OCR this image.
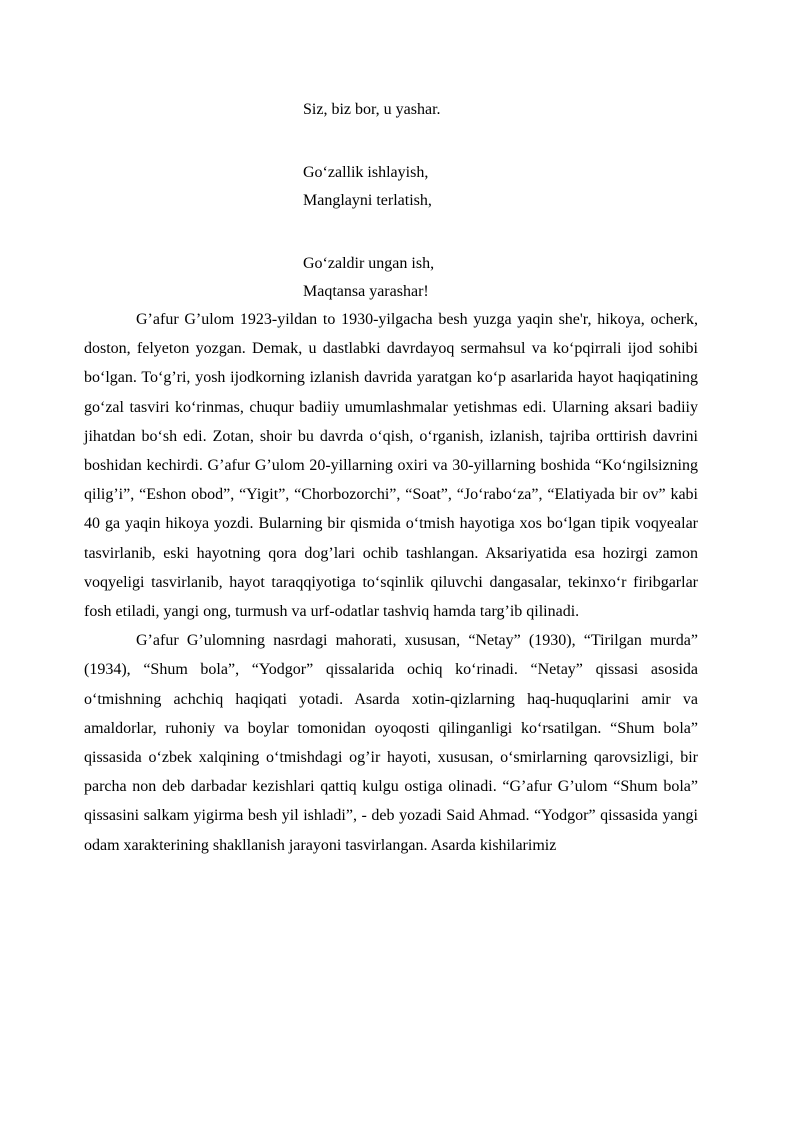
Siz, biz bor, u yashar.
Go‘zallik ishlayish,
Manglayni terlatish,
Go‘zaldir ungan ish,
Maqtansa yarashar!

G’afur G’ulom 1923-yildan to 1930-yilgacha besh yuzga yaqin she'r, hikoya, ocherk, doston, felyeton yozgan. Demak, u dastlabki davrdayoq sermahsul va ko‘pqirrali ijod sohibi bo‘lgan. To‘g’ri, yosh ijodkorning izlanish davrida yaratgan ko‘p asarlarida hayot haqiqatining go‘zal tasviri ko‘rinmas, chuqur badiiy umumlashmalar yetishmas edi. Ularning aksari badiiy jihatdan bo‘sh edi. Zotan, shoir bu davrda o‘qish, o‘rganish, izlanish, tajriba orttirish davrini boshidan kechirdi. G’afur G’ulom 20-yillarning oxiri va 30-yillarning boshida “Ko‘ngilsizning qilig’i”, “Eshon obod”, “Yigit”, “Chorbozorchi”, “Soat”, “Jo‘rabo‘za”, “Elatiyada bir ov” kabi 40 ga yaqin hikoya yozdi. Bularning bir qismida o‘tmish hayotiga xos bo‘lgan tipik voqyealar tasvirlanib, eski hayotning qora dog’lari ochib tashlangan. Aksariyatida esa hozirgi zamon voqyeligi tasvirlanib, hayot taraqqiyotiga to‘sqinlik qiluvchi dangasalar, tekinxo‘r firibgarlar fosh etiladi, yangi ong, turmush va urf-odatlar tashviq hamda targ’ib qilinadi.

G’afur G’ulomning nasrdagi mahorati, xususan, “Netay” (1930), “Tirilgan murda” (1934), “Shum bola”, “Yodgor” qissalarida ochiq ko‘rinadi. “Netay” qissasi asosida o‘tmishning achchiq haqiqati yotadi. Asarda xotin-qizlarning haq-huquqlarini amir va amaldorlar, ruhoniy va boylar tomonidan oyoqosti qilinganligi ko‘rsatilgan. “Shum bola” qissasida o‘zbek xalqining o‘tmishdagi og’ir hayoti, xususan, o‘smirlarning qarovsizligi, bir parcha non deb darbadar kezishlari qattiq kulgu ostiga olinadi. “G’afur G’ulom “Shum bola” qissasini salkam yigirma besh yil ishladi”, - deb yozadi Said Ahmad. “Yodgor” qissasida yangi odam xarakterining shakllanish jarayoni tasvirlangan. Asarda kishilarimiz
